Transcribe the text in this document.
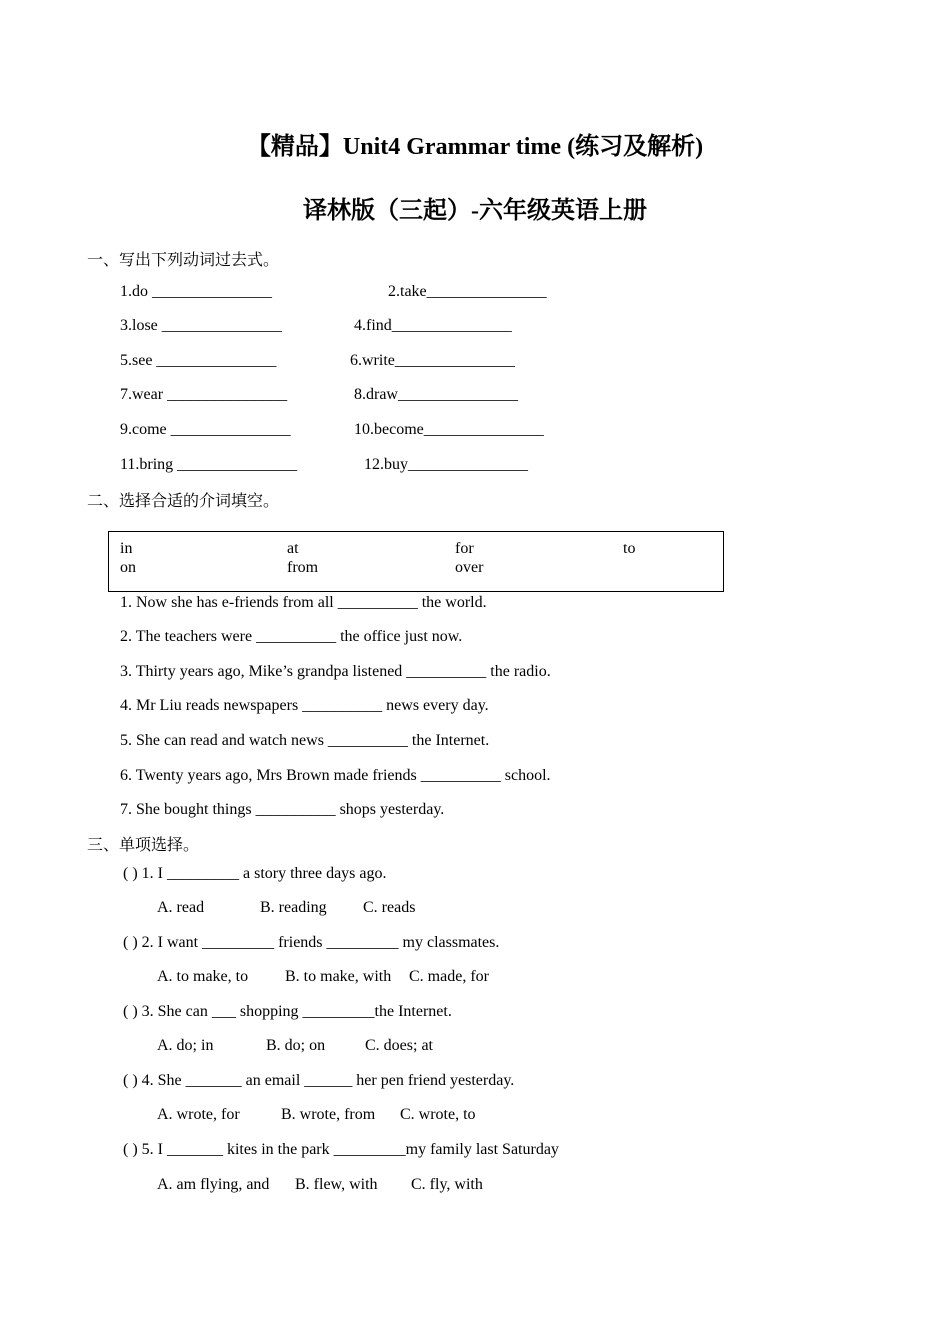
【精品】Unit4 Grammar time (练习及解析)
译林版（三起）-六年级英语上册
一、写出下列动词过去式。
1.do _______________	2.take_______________
3.lose _______________	4.find_______________
5.see _______________	6.write_______________
7.wear _______________	8.draw_______________
9.come _______________	10.become_______________
11.bring _______________	12.buy_______________
二、选择合适的介词填空。
in	at	for	to
on	from	over
1. Now she has e-friends from all __________ the world.
2. The teachers were __________ the office just now.
3. Thirty years ago, Mike’s grandpa listened __________ the radio.
4. Mr Liu reads newspapers __________ news every day.
5. She can read and watch news __________ the Internet.
6. Twenty years ago, Mrs Brown made friends __________ school.
7. She bought things __________ shops yesterday.
三、单项选择。
( ) 1. I _________ a story three days ago.
A. read	B. reading C. reads
( ) 2. I want _________ friends _________ my classmates.
A. to make, to B. to make, with C. made, for
( ) 3. She can ___ shopping _________the Internet.
A. do; in	B. do; on C. does; at
( ) 4. She _______ an email ______ her pen friend yesterday.
A. wrote, for	B. wrote, from C. wrote, to
( ) 5. I _______ kites in the park _________my family last Saturday
A. am flying, and B. flew, with C. fly, with
